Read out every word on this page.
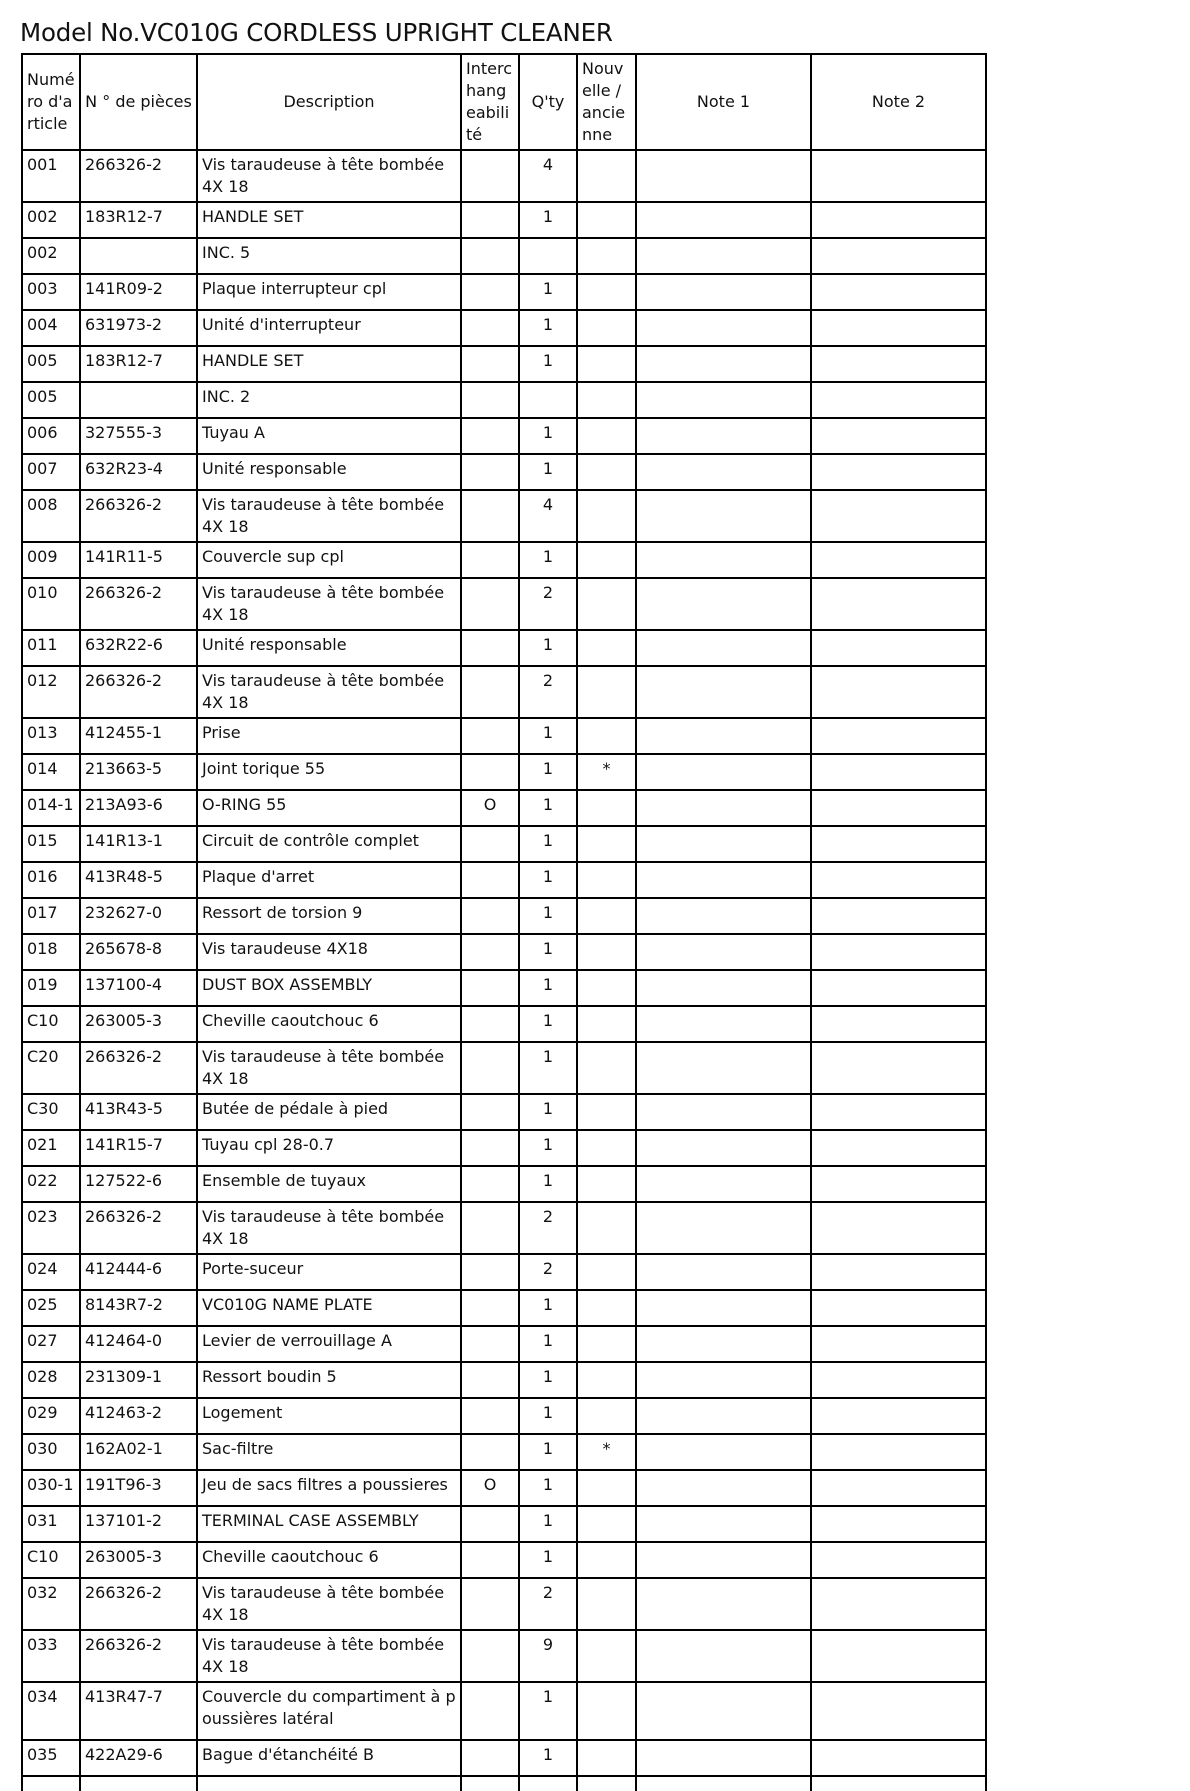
Model No.VC010G CORDLESS UPRIGHT CLEANER
Numéro d'article	N ° de pièces	Description	Interchangeabilité	Q'ty	Nouvelle / ancienne	Note 1	Note 2
001	266326-2	Vis taraudeuse à tête bombée 4X 18		4			
002	183R12-7	HANDLE SET		1			
002		INC. 5					
003	141R09-2	Plaque interrupteur cpl		1			
004	631973-2	Unité d'interrupteur		1			
005	183R12-7	HANDLE SET		1			
005		INC. 2					
006	327555-3	Tuyau A		1			
007	632R23-4	Unité responsable		1			
008	266326-2	Vis taraudeuse à tête bombée 4X 18		4			
009	141R11-5	Couvercle sup cpl		1			
010	266326-2	Vis taraudeuse à tête bombée 4X 18		2			
011	632R22-6	Unité responsable		1			
012	266326-2	Vis taraudeuse à tête bombée 4X 18		2			
013	412455-1	Prise		1			
014	213663-5	Joint torique 55		1	*		
014-1	213A93-6	O-RING 55	O	1			
015	141R13-1	Circuit de contrôle complet		1			
016	413R48-5	Plaque d'arret		1			
017	232627-0	Ressort de torsion 9		1			
018	265678-8	Vis taraudeuse 4X18		1			
019	137100-4	DUST BOX ASSEMBLY		1			
C10	263005-3	Cheville caoutchouc 6		1			
C20	266326-2	Vis taraudeuse à tête bombée 4X 18		1			
C30	413R43-5	Butée de pédale à pied		1			
021	141R15-7	Tuyau cpl 28-0.7		1			
022	127522-6	Ensemble de tuyaux		1			
023	266326-2	Vis taraudeuse à tête bombée 4X 18		2			
024	412444-6	Porte-suceur		2			
025	8143R7-2	VC010G NAME PLATE		1			
027	412464-0	Levier de verrouillage A		1			
028	231309-1	Ressort boudin 5		1			
029	412463-2	Logement		1			
030	162A02-1	Sac-filtre		1	*		
030-1	191T96-3	Jeu de sacs filtres a poussieres	O	1			
031	137101-2	TERMINAL CASE ASSEMBLY		1			
C10	263005-3	Cheville caoutchouc 6		1			
032	266326-2	Vis taraudeuse à tête bombée 4X 18		2			
033	266326-2	Vis taraudeuse à tête bombée 4X 18		9			
034	413R47-7	Couvercle du compartiment à poussières latéral		1			
035	422A29-6	Bague d'étanchéité B		1			
